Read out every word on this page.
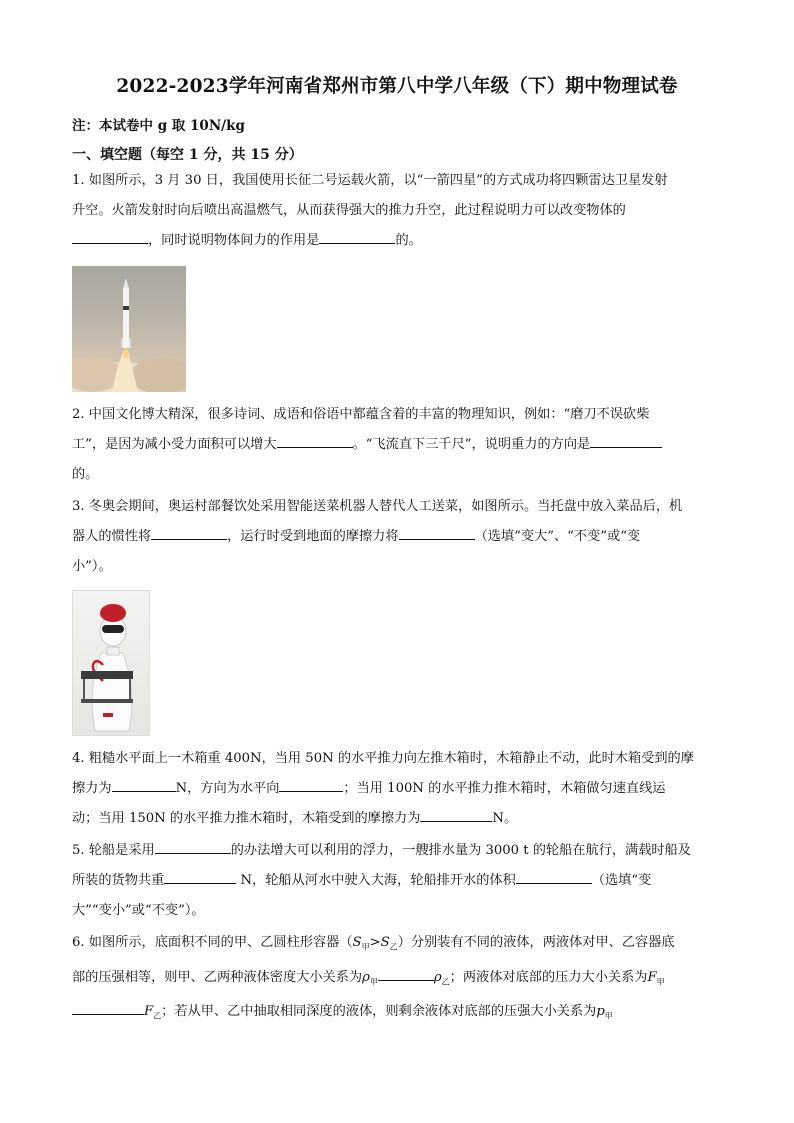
2022-2023学年河南省郑州市第八中学八年级（下）期中物理试卷
注：本试卷中 g 取 10N/kg
一、填空题（每空 1 分，共 15 分）

1. 如图所示，3 月 30 日，我国使用长征二号运载火箭，以“一箭四星”的方式成功将四颗雷达卫星发射

升空。火箭发射时向后喷出高温燃气，从而获得强大的推力升空，此过程说明力可以改变物体的

，同时说明物体间力的作用是	的。

2. 中国文化博大精深，很多诗词、成语和俗语中都蕴含着的丰富的物理知识，例如：“磨刀不误砍柴

工”，是因为减小受力面积可以增大	。“飞流直下三千尺”，说明重力的方向是

的。

3. 冬奥会期间，奥运村部餐饮处采用智能送菜机器人替代人工送菜，如图所示。当托盘中放入菜品后，机

器人的惯性将	，运行时受到地面的摩擦力将	（选填“变大”、“不变”或“变

小”）。

4. 粗糙水平面上一木箱重 400N，当用 50N 的水平推力向左推木箱时，木箱静止不动，此时木箱受到的摩

擦力为	N，方向为水平向	；当用 100N 的水平推力推木箱时，木箱做匀速直线运

动；当用 150N 的水平推力推木箱时，木箱受到的摩擦力为	N。

5. 轮船是采用	的办法增大可以利用的浮力，一艘排水量为 3000 t 的轮船在航行，满载时船及

所装的货物共重	N，轮船从河水中驶入大海，轮船排开水的体积	（选填“变

大”“变小”或“不变”）。

6. 如图所示，底面积不同的甲、乙圆柱形容器$(S_甲>S_乙)$分别装有不同的液体，两液体对甲、乙容器底

部的压强相等，则甲、乙两种液体密度大小关系为$\rho_甲$	$\rho_乙$；两液体对底部的压力大小关系为$F_甲$

$F_乙$；若从甲、乙中抽取相同深度的液体，则剩余液体对底部的压强大小关系为$p_甲$
